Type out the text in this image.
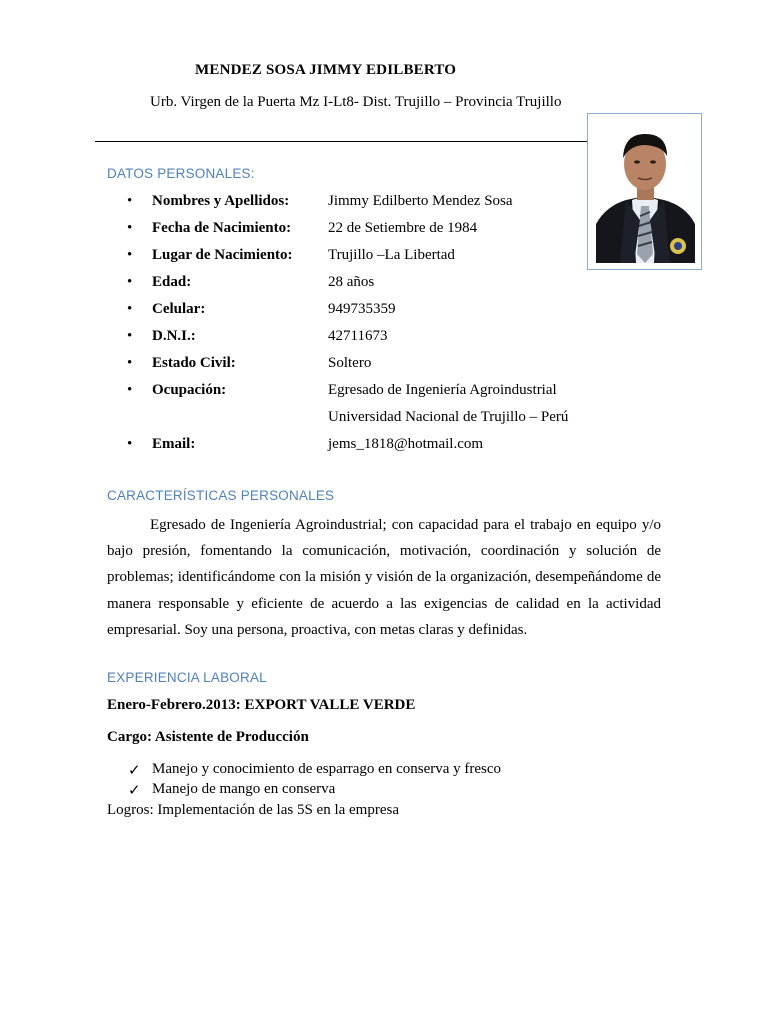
MENDEZ SOSA JIMMY EDILBERTO
Urb. Virgen de la Puerta Mz I-Lt8- Dist. Trujillo – Provincia Trujillo
DATOS PERSONALES:
• Nombres y Apellidos:	Jimmy Edilberto Mendez Sosa
• Fecha de Nacimiento: 22 de Setiembre de 1984
• Lugar de Nacimiento: Trujillo –La Libertad
• Edad:	28 años
• Celular:	949735359
• D.N.I.:	42711673
• Estado Civil:	Soltero
• Ocupación:	Egresado de Ingeniería Agroindustrial
Universidad Nacional de Trujillo – Perú
• Email:	jems_1818@hotmail.com
CARACTERÍSTICAS PERSONALES
Egresado de Ingeniería Agroindustrial; con capacidad para el trabajo en equipo y/o bajo presión, fomentando la comunicación, motivación, coordinación y solución de problemas; identificándome con la misión y visión de la organización, desempeñándome de manera responsable y eficiente de acuerdo a las exigencias de calidad en la actividad empresarial. Soy una persona, proactiva, con metas claras y definidas.
EXPERIENCIA LABORAL
Enero-Febrero.2013: EXPORT VALLE VERDE
Cargo: Asistente de Producción
✓ Manejo y conocimiento de esparrago en conserva y fresco
✓ Manejo de mango en conserva
Logros: Implementación de las 5S en la empresa
